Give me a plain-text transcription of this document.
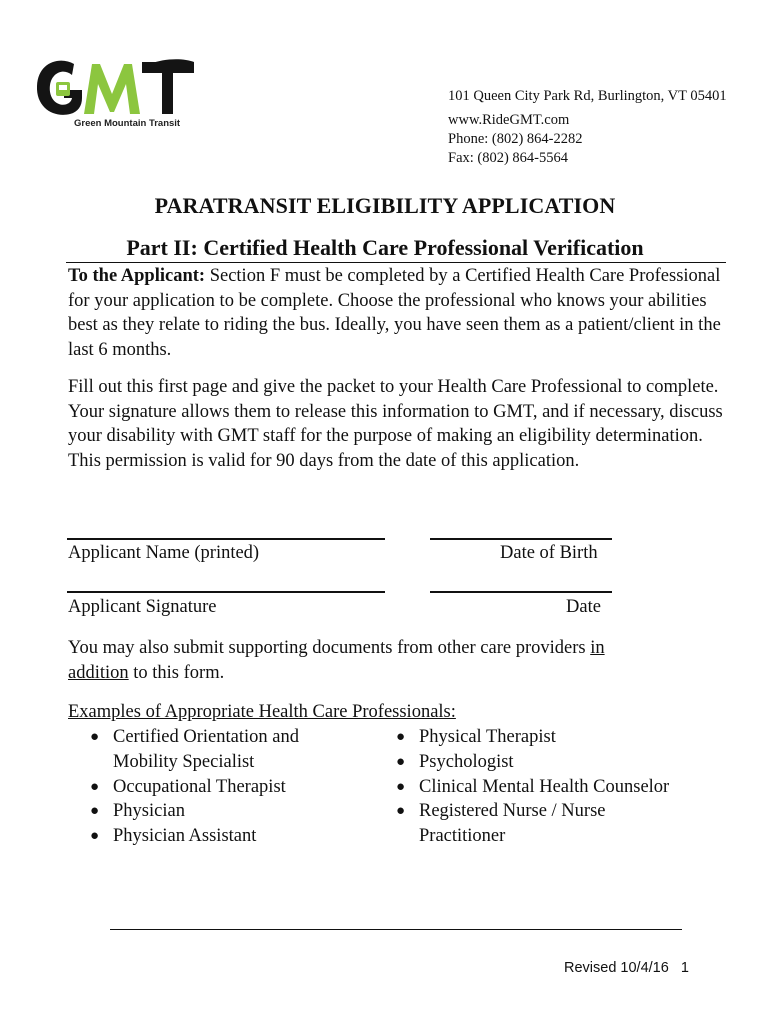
Green Mountain Transit
101 Queen City Park Rd, Burlington, VT 05401
www.RideGMT.com
Phone: (802) 864-2282
Fax: (802) 864-5564
PARATRANSIT ELIGIBILITY APPLICATION
Part II: Certified Health Care Professional Verification
To the Applicant: Section F must be completed by a Certified Health Care Professional for your application to be complete. Choose the professional who knows your abilities best as they relate to riding the bus. Ideally, you have seen them as a patient/client in the last 6 months.
Fill out this first page and give the packet to your Health Care Professional to complete. Your signature allows them to release this information to GMT, and if necessary, discuss your disability with GMT staff for the purpose of making an eligibility determination. This permission is valid for 90 days from the date of this application.
Applicant Name (printed)	Date of Birth
Applicant Signature	Date
You may also submit supporting documents from other care providers in
addition to this form.
Examples of Appropriate Health Care Professionals:
● Certified Orientation and
Mobility Specialist
● Occupational Therapist
● Physician
● Physician Assistant
● Physical Therapist
● Psychologist
● Clinical Mental Health Counselor
● Registered Nurse / Nurse
Practitioner
Revised 10/4/16 1
